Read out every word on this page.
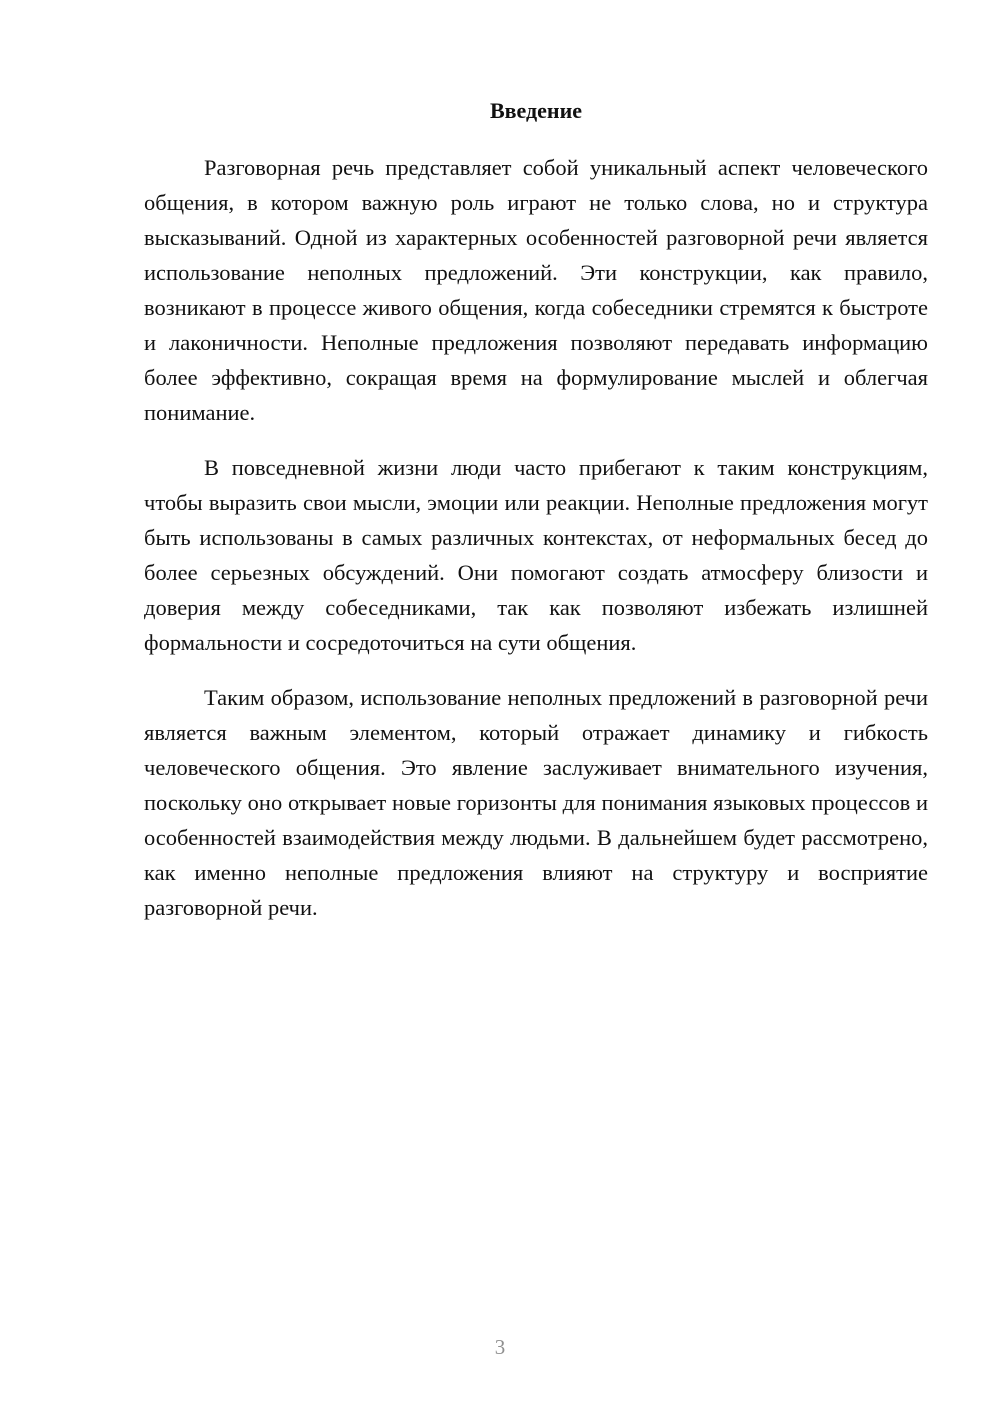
Введение

Разговорная речь представляет собой уникальный аспект человеческого общения, в котором важную роль играют не только слова, но и структура высказываний. Одной из характерных особенностей разговорной речи является использование неполных предложений. Эти конструкции, как правило, возникают в процессе живого общения, когда собеседники стремятся к быстроте и лаконичности. Неполные предложения позволяют передавать информацию более эффективно, сокращая время на формулирование мыслей и облегчая понимание.

В повседневной жизни люди часто прибегают к таким конструкциям, чтобы выразить свои мысли, эмоции или реакции. Неполные предложения могут быть использованы в самых различных контекстах, от неформальных бесед до более серьезных обсуждений. Они помогают создать атмосферу близости и доверия между собеседниками, так как позволяют избежать излишней формальности и сосредоточиться на сути общения.

Таким образом, использование неполных предложений в разговорной речи является важным элементом, который отражает динамику и гибкость человеческого общения. Это явление заслуживает внимательного изучения, поскольку оно открывает новые горизонты для понимания языковых процессов и особенностей взаимодействия между людьми. В дальнейшем будет рассмотрено, как именно неполные предложения влияют на структуру и восприятие разговорной речи.

3
